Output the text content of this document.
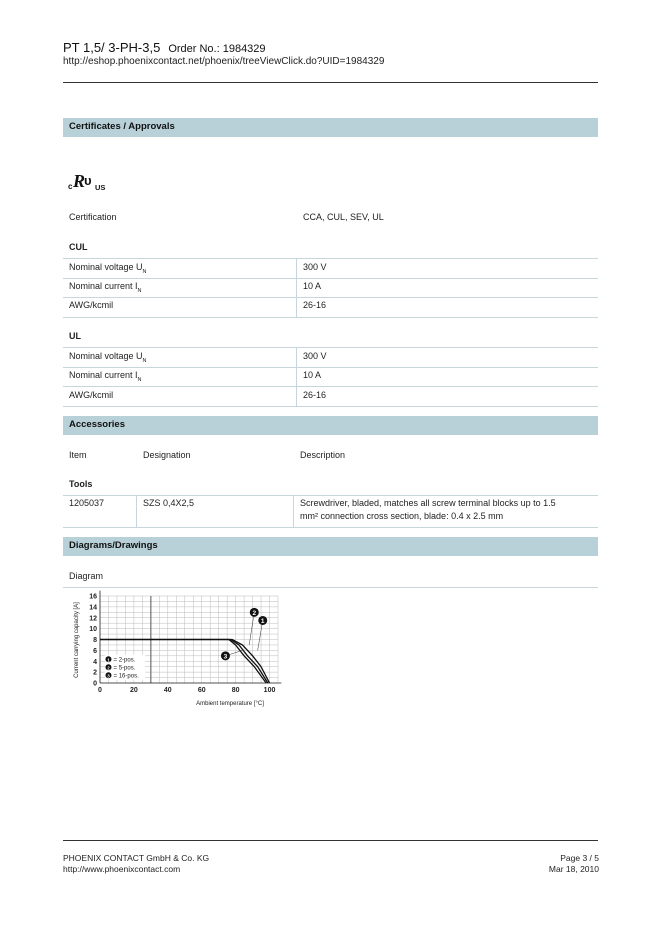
PT 1,5/ 3-PH-3,5 Order No.: 1984329
http://eshop.phoenixcontact.net/phoenix/treeViewClick.do?UID=1984329
Certificates / Approvals
c R
ᴜ US
Certification	CCA, CUL, SEV, UL
CUL
Nominal voltage $U_N$	300 V
Nominal current $I_N$	10 A
AWG/kcmil	26-16
UL
Nominal voltage $U_N$	300 V
Nominal current $I_N$	10 A
AWG/kcmil	26-16
Accessories
Item	Designation	Description
Tools
1205037	SZS 0,4X2,5	Screwdriver, bladed, matches all screw terminal blocks up to 1.5
mm² connection cross section, blade: 0.4 x 2.5 mm
Diagrams/Drawings
Diagram
0	20	40	60	80	100
0
2
4
6
8
10
12
14
16
Ambient temperature [°C]
Current carrying capacity [A]	1
2
3
1 = 2-pos.
2 = 5-pos.
3 = 16-pos.
PHOENIX CONTACT GmbH & Co. KG
http://www.phoenixcontact.com
Page 3 / 5
Mar 18, 2010
